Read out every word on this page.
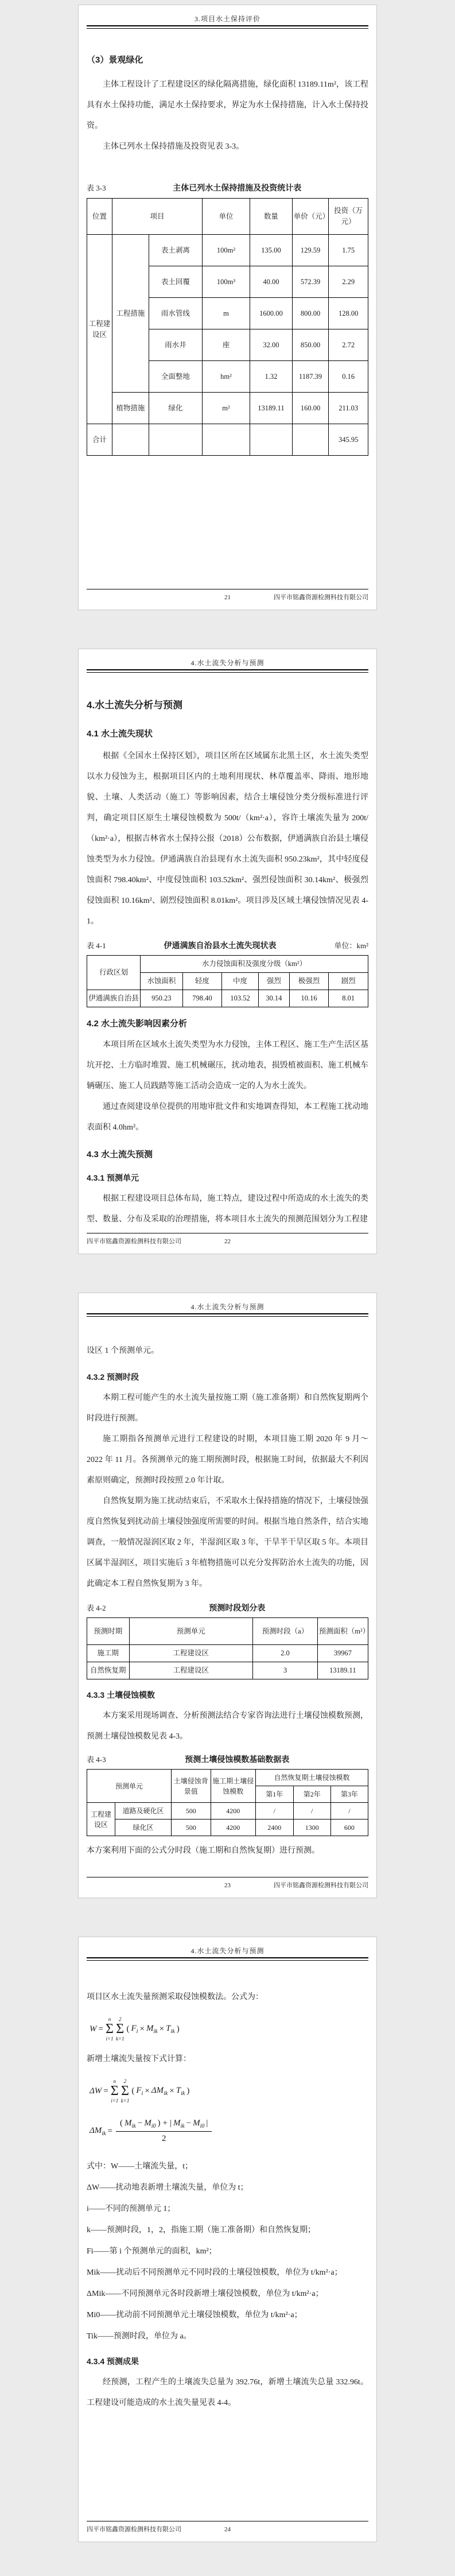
3.项目水土保持评价
（3）景观绿化

主体工程设计了工程建设区的绿化隔离措施，绿化面积 13189.11m²，该工程具有水土保持功能，满足水土保持要求，界定为水土保持措施，计入水土保持投资。

主体已列水土保持措施及投资见表 3-3。

表 3-3	主体已列水土保持措施及投资统计表
位置	项目		单位	数量	单价（元）	投资（万元）
工程建设区	工程措施	表土剥离	100m²	135.00	129.59	1.75
		表土回覆	100m³	40.00	572.39	2.29
		雨水管线	m	1600.00	800.00	128.00
		雨水井	座	32.00	850.00	2.72
		全面整地	hm²	1.32	1187.39	0.16
	植物措施	绿化	m²	13189.11	160.00	211.03
合计						345.95
21	四平市铭鑫资源检测科技有限公司
4.水土流失分析与预测
4.水土流失分析与预测
4.1 水土流失现状

根据《全国水土保持区划》，项目区所在区域属东北黑土区，水土流失类型以水力侵蚀为主，根据项目区内的土地利用现状、林草覆盖率、降雨、地形地貌、土壤、人类活动（施工）等影响因素，结合土壤侵蚀分类分级标准进行评判，确定项目区原生土壤侵蚀模数为 500t/（km²·a），容许土壤流失量为 200t/（km²·a），根据吉林省水土保持公报（2018）公布数据，伊通满族自治县土壤侵蚀类型为水力侵蚀。伊通满族自治县现有水土流失面积 950.23km²，其中轻度侵蚀面积 798.40km²、中度侵蚀面积 103.52km²、强烈侵蚀面积 30.14km²、极强烈侵蚀面积 10.16km²、剧烈侵蚀面积 8.01km²。项目涉及区域土壤侵蚀情况见表 4-1。

表 4-1	伊通满族自治县水土流失现状表	单位：km²
行政区划	水力侵蚀面积及强度分级（km²）					
	水蚀面积	轻度	中度	强烈	极强烈	剧烈
伊通满族自治县	950.23	798.40	103.52	30.14	10.16	8.01
4.2 水土流失影响因素分析

本项目所在区域水土流失类型为水力侵蚀，主体工程区、施工生产生活区基坑开挖、土方临时堆置、施工机械碾压，扰动地表，损毁植被面积、施工机械车辆碾压、施工人员践踏等施工活动会造成一定的人为水土流失。

通过查阅建设单位提供的用地审批文件和实地调查得知，本工程施工扰动地表面积 4.0hm²。

4.3 水土流失预测
4.3.1 预测单元

根据工程建设项目总体布局，施工特点，建设过程中所造成的水土流失的类型、数量、分布及采取的治理措施，将本项目水土流失的预测范围划分为工程建

四平市铭鑫资源检测科技有限公司	22
4.水土流失分析与预测

设区 1 个预测单元。

4.3.2 预测时段

本期工程可能产生的水土流失量按施工期（施工准备期）和自然恢复期两个时段进行预测。

施工期指各预测单元进行工程建设的时期，本项目施工期 2020 年 9 月～2022 年 11 月。各预测单元的施工期预测时段，根据施工时间，依据最大不利因素原则确定，预测时段按照 2.0 年计取。

自然恢复期为施工扰动结束后，不采取水土保持措施的情况下，土壤侵蚀强度自然恢复到扰动前土壤侵蚀强度所需要的时间。根据当地自然条件，结合实地调查，一般情况湿润区取 2 年，半湿润区取 3 年，干旱半干旱区取 5 年。本项目区属半湿润区，项目实施后 3 年植物措施可以充分发挥防治水土流失的功能，因此确定本工程自然恢复期为 3 年。

表 4-2	预测时段划分表
预测时期	预测单元	预测时段（a）	预测面积（m²）
施工期	工程建设区	2.0	39967
自然恢复期	工程建设区	3	13189.11
4.3.3 土壤侵蚀模数

本方案采用现场调查、分析预测法结合专家咨询法进行土壤侵蚀模数预测，预测土壤侵蚀模数见表 4-3。

表 4-3	预测土壤侵蚀模数基础数据表
预测单元		土壤侵蚀背景值	施工期土壤侵蚀模数	自然恢复期土壤侵蚀模数		
				第1年	第2年	第3年
工程建设区	道路及硬化区	500	4200	/	/	/
	绿化区	500	4200	2400	1300	600

本方案利用下面的公式分时段（施工期和自然恢复期）进行预测。

23	四平市铭鑫资源检测科技有限公司
4.水土流失分析与预测

项目区水土流失量预测采取侵蚀模数法。公式为：

W =
n
Σ
i=1
2
Σ
k=1
( $F_i \times M_{ik} \times T_{ik}$ )

新增土壤流失量按下式计算：

ΔW =
n
Σ
i=1
2
Σ
k=1
( $F_i \times \Delta M_{ik} \times T_{ik}$ )
$\Delta M_{ik} = \frac{( M_{ik} - M_{i0} ) + | M_{ik} - M_{i0} |}{2}$

式中：W——土壤流失量，t；

ΔW——扰动地表新增土壤流失量，单位为 t；

i——不同的预测单元 1；

k——预测时段，1，2，指施工期（施工准备期）和自然恢复期；

Fi——第 i 个预测单元的面积，km²；

Mik——扰动后不同预测单元不同时段的土壤侵蚀模数，单位为 t/km²·a；

ΔMik——不同预测单元各时段新增土壤侵蚀模数，单位为 t/km²·a；

Mi0——扰动前不同预测单元土壤侵蚀模数，单位为 t/km²·a；

Tik——预测时段，单位为 a。

4.3.4 预测成果

经预测，工程产生的土壤流失总量为 392.76t，新增土壤流失总量 332.96t。工程建设可能造成的水土流失量见表 4-4。

四平市铭鑫资源检测科技有限公司	24
